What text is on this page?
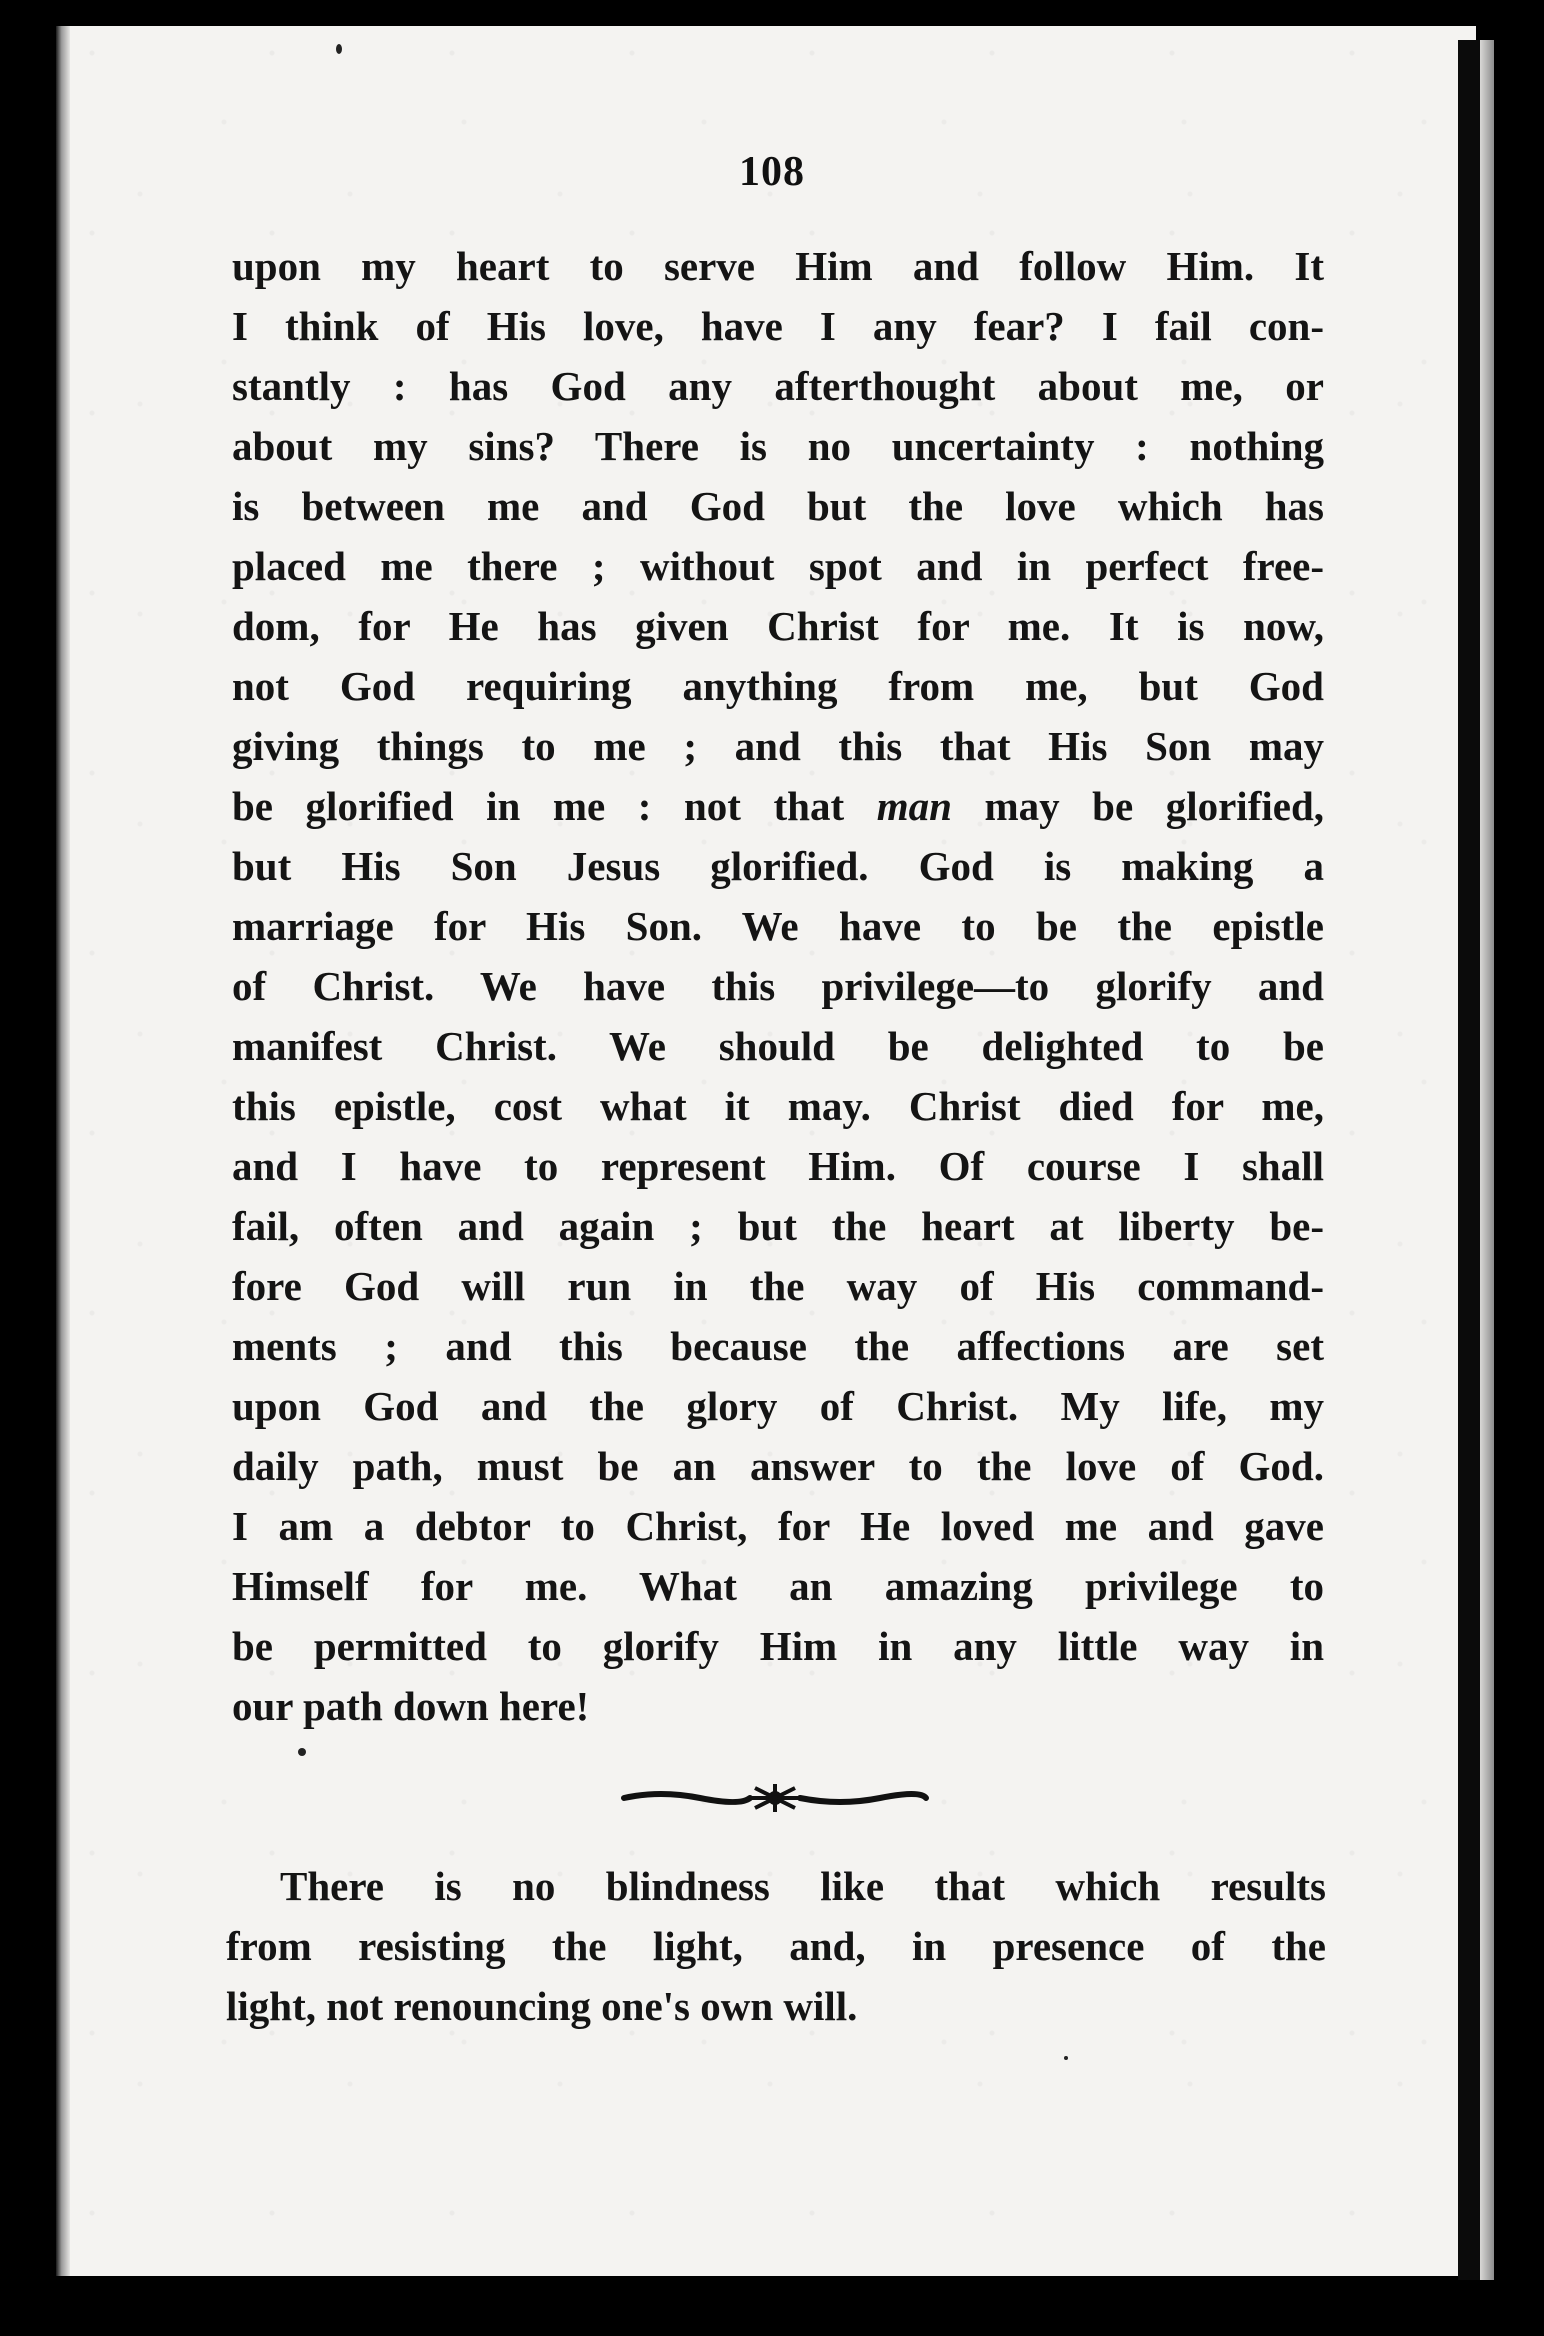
108
upon my heart to serve Him and follow Him. It
I think of His love, have I any fear? I fail con-
stantly : has God any afterthought about me, or
about my sins? There is no uncertainty : nothing
is between me and God but the love which has
placed me there ; without spot and in perfect free-
dom, for He has given Christ for me. It is now,
not God requiring anything from me, but God
giving things to me ; and this that His Son may
be glorified in me : not that man may be glorified,
but His Son Jesus glorified. God is making a
marriage for His Son. We have to be the epistle
of Christ. We have this privilege—to glorify and
manifest Christ. We should be delighted to be
this epistle, cost what it may. Christ died for me,
and I have to represent Him. Of course I shall
fail, often and again ; but the heart at liberty be-
fore God will run in the way of His command-
ments ; and this because the affections are set
upon God and the glory of Christ. My life, my
daily path, must be an answer to the love of God.
I am a debtor to Christ, for He loved me and gave
Himself for me. What an amazing privilege to
be permitted to glorify Him in any little way in
our path down here!
There is no blindness like that which results
from resisting the light, and, in presence of the
light, not renouncing one's own will.
